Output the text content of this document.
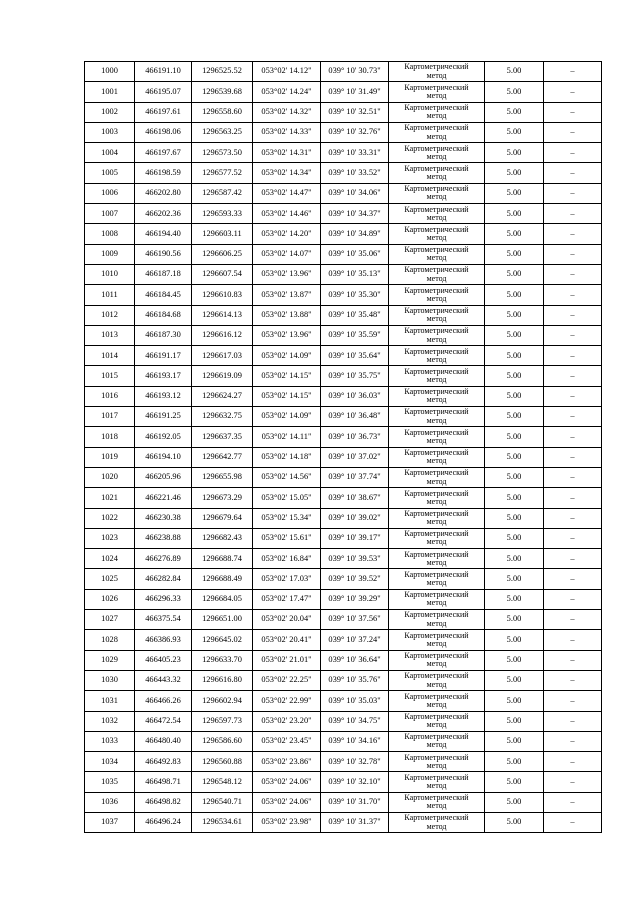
1000	466191.10	1296525.52	053°02' 14.12"	039° 10' 30.73"	Картометрический
метод	5.00	–
1001	466195.07	1296539.68	053°02' 14.24"	039° 10' 31.49"	Картометрический
метод	5.00	–
1002	466197.61	1296558.60	053°02' 14.32"	039° 10' 32.51"	Картометрический
метод	5.00	–
1003	466198.06	1296563.25	053°02' 14.33"	039° 10' 32.76"	Картометрический
метод	5.00	–
1004	466197.67	1296573.50	053°02' 14.31"	039° 10' 33.31"	Картометрический
метод	5.00	–
1005	466198.59	1296577.52	053°02' 14.34"	039° 10' 33.52"	Картометрический
метод	5.00	–
1006	466202.80	1296587.42	053°02' 14.47"	039° 10' 34.06"	Картометрический
метод	5.00	–
1007	466202.36	1296593.33	053°02' 14.46"	039° 10' 34.37"	Картометрический
метод	5.00	–
1008	466194.40	1296603.11	053°02' 14.20"	039° 10' 34.89"	Картометрический
метод	5.00	–
1009	466190.56	1296606.25	053°02' 14.07"	039° 10' 35.06"	Картометрический
метод	5.00	–
1010	466187.18	1296607.54	053°02' 13.96"	039° 10' 35.13"	Картометрический
метод	5.00	–
1011	466184.45	1296610.83	053°02' 13.87"	039° 10' 35.30"	Картометрический
метод	5.00	–
1012	466184.68	1296614.13	053°02' 13.88"	039° 10' 35.48"	Картометрический
метод	5.00	–
1013	466187.30	1296616.12	053°02' 13.96"	039° 10' 35.59"	Картометрический
метод	5.00	–
1014	466191.17	1296617.03	053°02' 14.09"	039° 10' 35.64"	Картометрический
метод	5.00	–
1015	466193.17	1296619.09	053°02' 14.15"	039° 10' 35.75"	Картометрический
метод	5.00	–
1016	466193.12	1296624.27	053°02' 14.15"	039° 10' 36.03"	Картометрический
метод	5.00	–
1017	466191.25	1296632.75	053°02' 14.09"	039° 10' 36.48"	Картометрический
метод	5.00	–
1018	466192.05	1296637.35	053°02' 14.11"	039° 10' 36.73"	Картометрический
метод	5.00	–
1019	466194.10	1296642.77	053°02' 14.18"	039° 10' 37.02"	Картометрический
метод	5.00	–
1020	466205.96	1296655.98	053°02' 14.56"	039° 10' 37.74"	Картометрический
метод	5.00	–
1021	466221.46	1296673.29	053°02' 15.05"	039° 10' 38.67"	Картометрический
метод	5.00	–
1022	466230.38	1296679.64	053°02' 15.34"	039° 10' 39.02"	Картометрический
метод	5.00	–
1023	466238.88	1296682.43	053°02' 15.61"	039° 10' 39.17"	Картометрический
метод	5.00	–
1024	466276.89	1296688.74	053°02' 16.84"	039° 10' 39.53"	Картометрический
метод	5.00	–
1025	466282.84	1296688.49	053°02' 17.03"	039° 10' 39.52"	Картометрический
метод	5.00	–
1026	466296.33	1296684.05	053°02' 17.47"	039° 10' 39.29"	Картометрический
метод	5.00	–
1027	466375.54	1296651.00	053°02' 20.04"	039° 10' 37.56"	Картометрический
метод	5.00	–
1028	466386.93	1296645.02	053°02' 20.41"	039° 10' 37.24"	Картометрический
метод	5.00	–
1029	466405.23	1296633.70	053°02' 21.01"	039° 10' 36.64"	Картометрический
метод	5.00	–
1030	466443.32	1296616.80	053°02' 22.25"	039° 10' 35.76"	Картометрический
метод	5.00	–
1031	466466.26	1296602.94	053°02' 22.99"	039° 10' 35.03"	Картометрический
метод	5.00	–
1032	466472.54	1296597.73	053°02' 23.20"	039° 10' 34.75"	Картометрический
метод	5.00	–
1033	466480.40	1296586.60	053°02' 23.45"	039° 10' 34.16"	Картометрический
метод	5.00	–
1034	466492.83	1296560.88	053°02' 23.86"	039° 10' 32.78"	Картометрический
метод	5.00	–
1035	466498.71	1296548.12	053°02' 24.06"	039° 10' 32.10"	Картометрический
метод	5.00	–
1036	466498.82	1296540.71	053°02' 24.06"	039° 10' 31.70"	Картометрический
метод	5.00	–
1037	466496.24	1296534.61	053°02' 23.98"	039° 10' 31.37"	Картометрический
метод	5.00	–
